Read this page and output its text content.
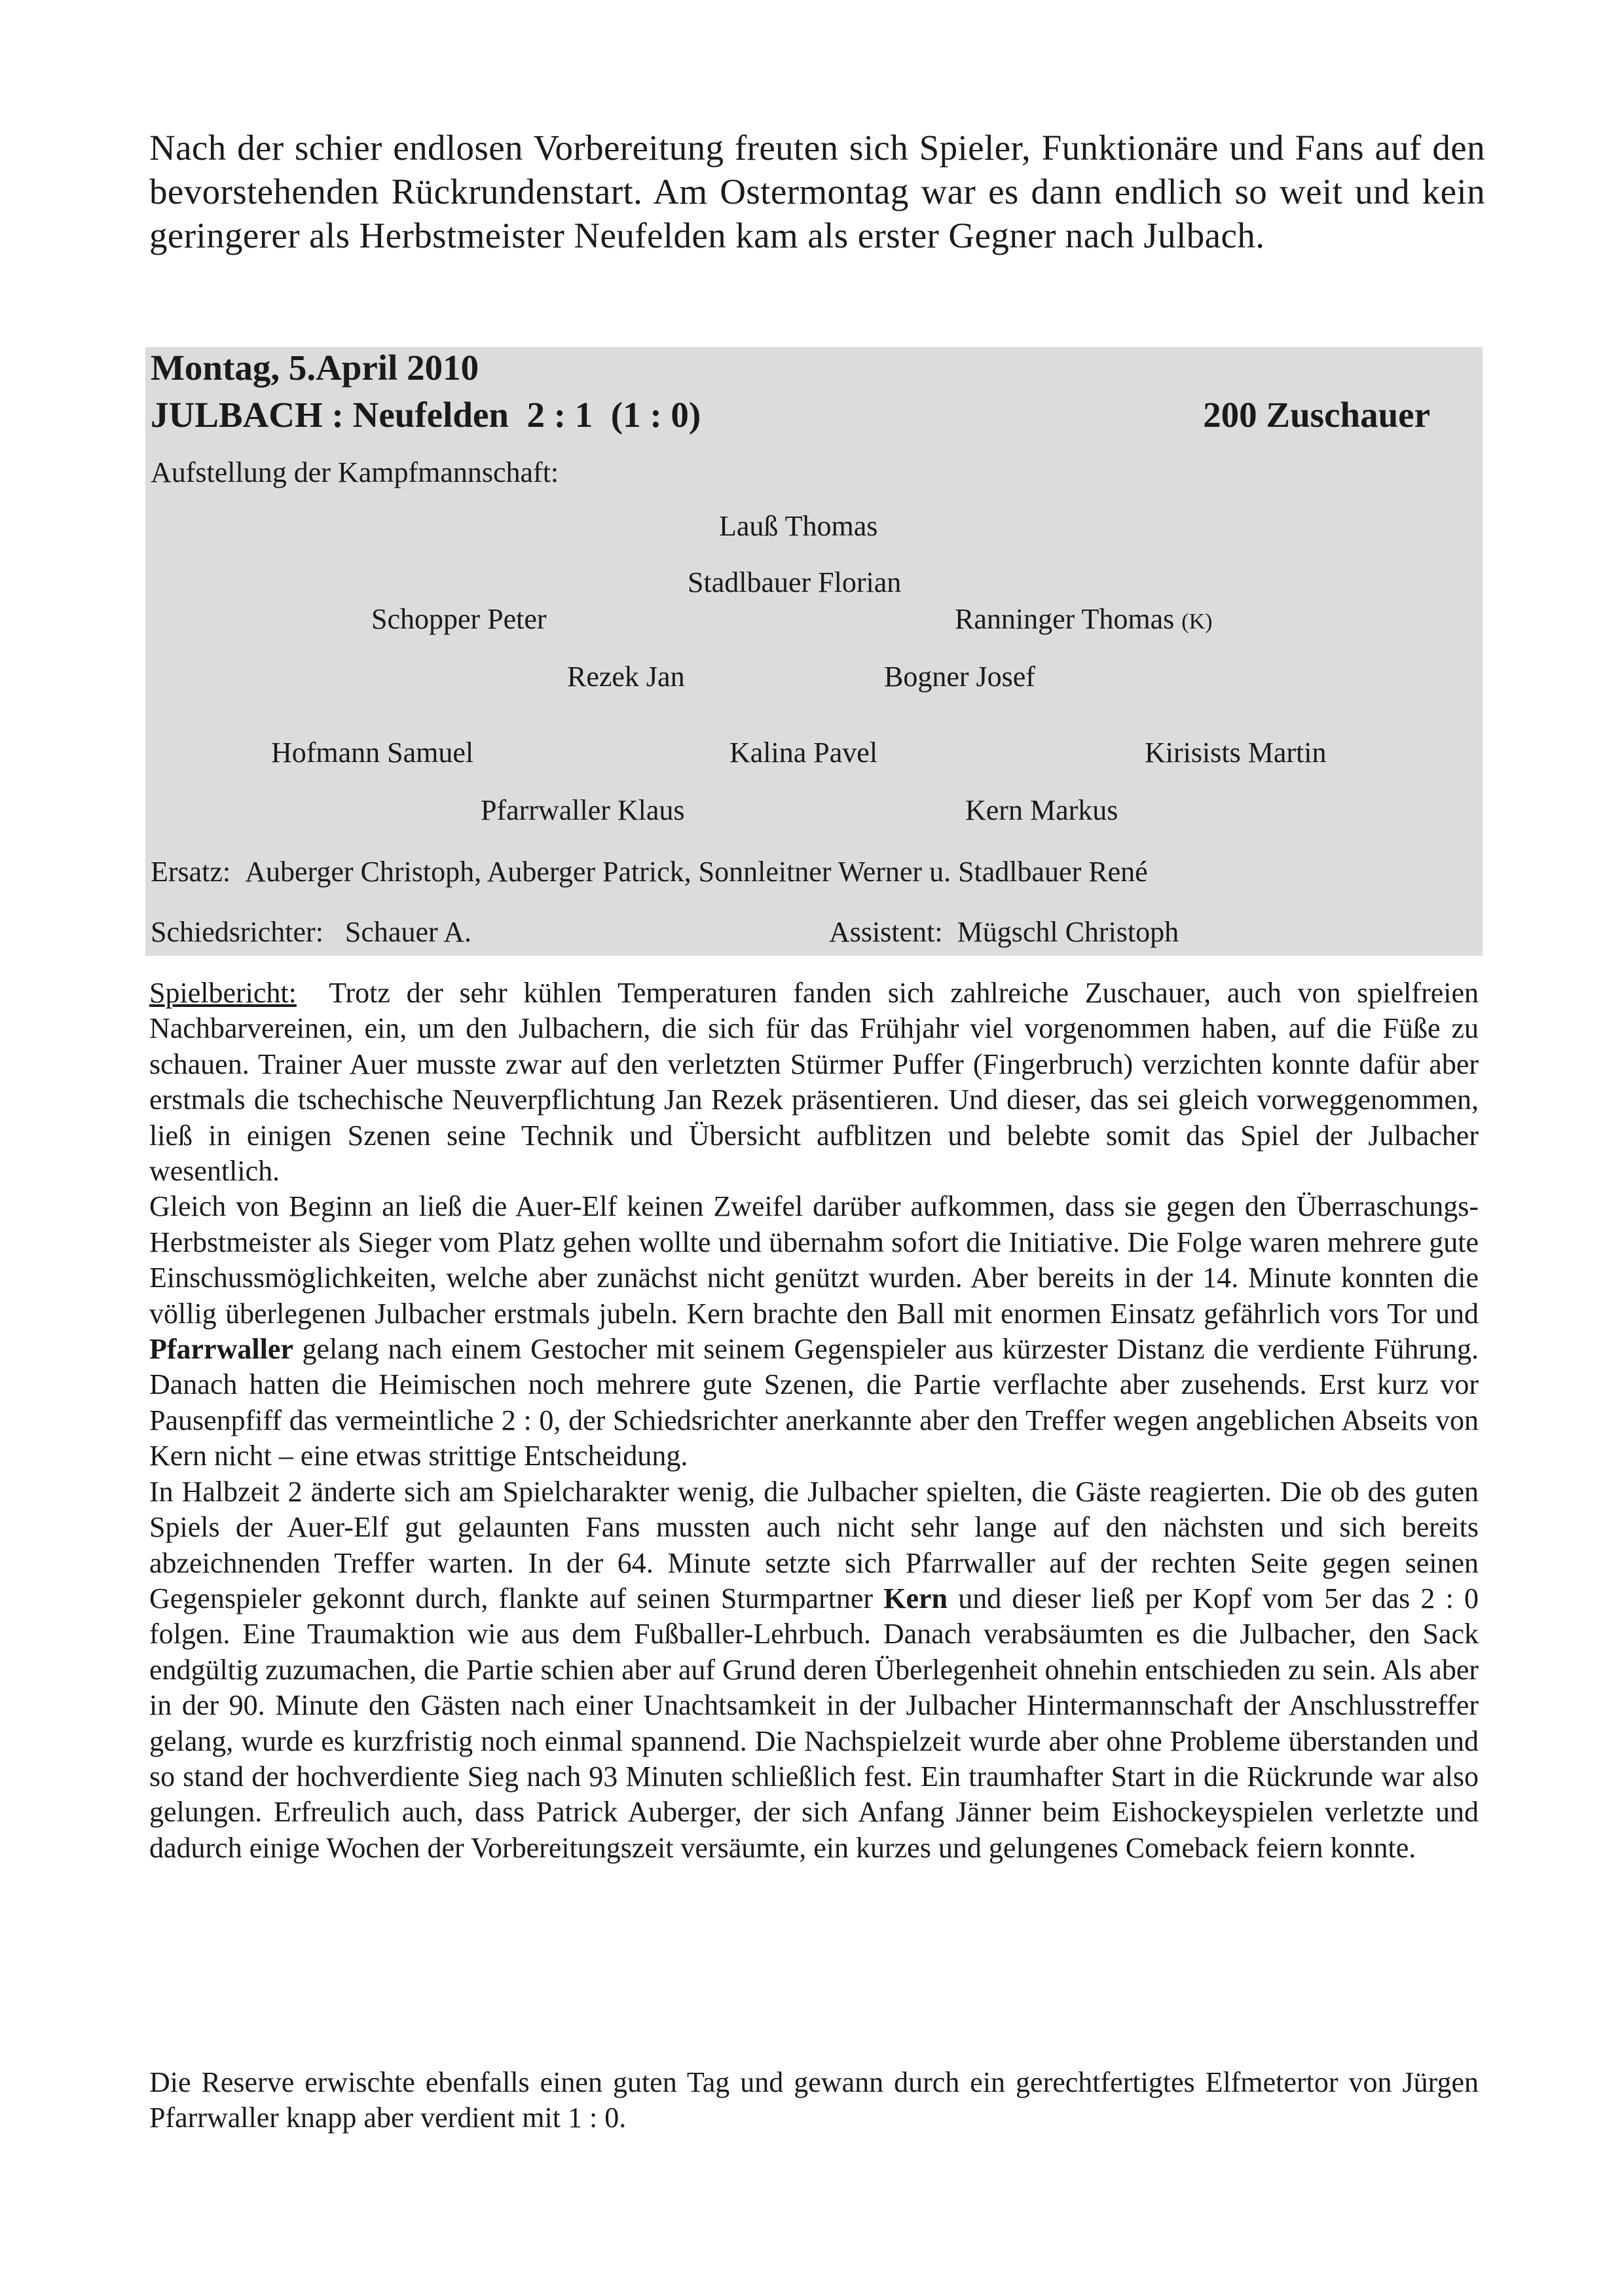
Nach der schier endlosen Vorbereitung freuten sich Spieler, Funktionäre und Fans auf den bevorstehenden Rückrundenstart. Am Ostermontag war es dann endlich so weit und kein geringerer als Herbstmeister Neufelden kam als erster Gegner nach Julbach.

Montag, 5.April 2010
JULBACH : Neufelden  2 : 1  (1 : 0)	200 Zuschauer
Aufstellung der Kampfmannschaft:
Lauß Thomas
Stadlbauer Florian
Schopper Peter	Ranninger Thomas (K)
Rezek Jan	Bogner Josef
Hofmann Samuel	Kalina Pavel	Kirisists Martin
Pfarrwaller Klaus	Kern Markus
Ersatz: Auberger Christoph, Auberger Patrick, Sonnleitner Werner u. Stadlbauer René
Schiedsrichter: Schauer A.	Assistent: Mügschl Christoph

Spielbericht: Trotz der sehr kühlen Temperaturen fanden sich zahlreiche Zuschauer, auch von spielfreien Nachbarvereinen, ein, um den Julbachern, die sich für das Frühjahr viel vorgenommen haben, auf die Füße zu schauen. Trainer Auer musste zwar auf den verletzten Stürmer Puffer (Fingerbruch) verzichten konnte dafür aber erstmals die tschechische Neuverpflichtung Jan Rezek präsentieren. Und dieser, das sei gleich vorweggenommen, ließ in einigen Szenen seine Technik und Übersicht aufblitzen und belebte somit das Spiel der Julbacher wesentlich.

Gleich von Beginn an ließ die Auer-Elf keinen Zweifel darüber aufkommen, dass sie gegen den Überraschungs-Herbstmeister als Sieger vom Platz gehen wollte und übernahm sofort die Initiative. Die Folge waren mehrere gute Einschussmöglichkeiten, welche aber zunächst nicht genützt wurden. Aber bereits in der 14. Minute konnten die völlig überlegenen Julbacher erstmals jubeln. Kern brachte den Ball mit enormen Einsatz gefährlich vors Tor und Pfarrwaller gelang nach einem Gestocher mit seinem Gegenspieler aus kürzester Distanz die verdiente Führung. Danach hatten die Heimischen noch mehrere gute Szenen, die Partie verflachte aber zusehends. Erst kurz vor Pausenpfiff das vermeintliche 2 : 0, der Schiedsrichter anerkannte aber den Treffer wegen angeblichen Abseits von Kern nicht – eine etwas strittige Entscheidung.

In Halbzeit 2 änderte sich am Spielcharakter wenig, die Julbacher spielten, die Gäste reagierten. Die ob des guten Spiels der Auer-Elf gut gelaunten Fans mussten auch nicht sehr lange auf den nächsten und sich bereits abzeichnenden Treffer warten. In der 64. Minute setzte sich Pfarrwaller auf der rechten Seite gegen seinen Gegenspieler gekonnt durch, flankte auf seinen Sturmpartner Kern und dieser ließ per Kopf vom 5er das 2 : 0 folgen. Eine Traumaktion wie aus dem Fußballer-Lehrbuch. Danach verabsäumten es die Julbacher, den Sack endgültig zuzumachen, die Partie schien aber auf Grund deren Überlegenheit ohnehin entschieden zu sein. Als aber in der 90. Minute den Gästen nach einer Unachtsamkeit in der Julbacher Hintermannschaft der Anschlusstreffer gelang, wurde es kurzfristig noch einmal spannend. Die Nachspielzeit wurde aber ohne Probleme überstanden und so stand der hochverdiente Sieg nach 93 Minuten schließlich fest. Ein traumhafter Start in die Rückrunde war also gelungen. Erfreulich auch, dass Patrick Auberger, der sich Anfang Jänner beim Eishockeyspielen verletzte und dadurch einige Wochen der Vorbereitungszeit versäumte, ein kurzes und gelungenes Comeback feiern konnte.

Die Reserve erwischte ebenfalls einen guten Tag und gewann durch ein gerechtfertigtes Elfmetertor von Jürgen Pfarrwaller knapp aber verdient mit 1 : 0.
